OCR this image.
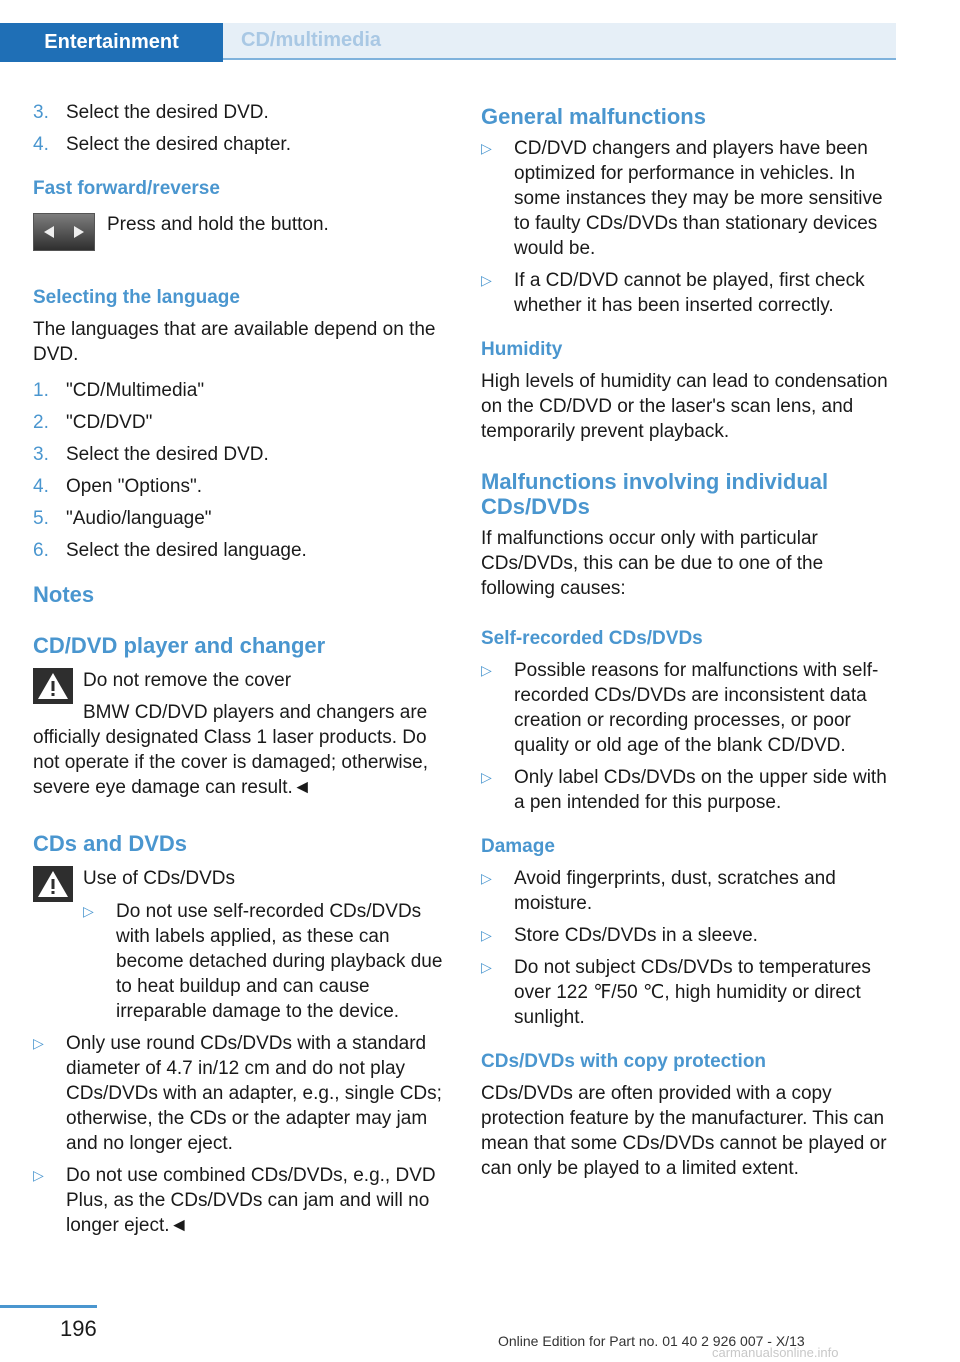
Entertainment	CD/multimedia
3. Select the desired DVD.
4. Select the desired chapter.
Fast forward/reverse
Press and hold the button.
Selecting the language

The languages that are available depend on the DVD.

1. "CD/Multimedia"
2. "CD/DVD"
3. Select the desired DVD.
4. Open "Options".
5. "Audio/language"
6. Select the desired language.
Notes
CD/DVD player and changer

Do not remove the cover

BMW CD/DVD players and changers are

officially designated Class 1 laser products. Do not operate if the cover is damaged; otherwise, severe eye damage can result.◄

CDs and DVDs

Use of CDs/DVDs

▷ Do not use self-recorded CDs/DVDs with labels applied, as these can become detached during playback due to heat buildup and can cause irreparable damage to the device.
▷ Only use round CDs/DVDs with a standard diameter of 4.7 in/12 cm and do not play CDs/DVDs with an adapter, e.g., single CDs; otherwise, the CDs or the adapter may jam and no longer eject.
▷ Do not use combined CDs/DVDs, e.g., DVD Plus, as the CDs/DVDs can jam and will no longer eject.◄
General malfunctions
▷ CD/DVD changers and players have been optimized for performance in vehicles. In some instances they may be more sensitive to faulty CDs/DVDs than stationary devices would be.
▷ If a CD/DVD cannot be played, first check whether it has been inserted correctly.
Humidity

High levels of humidity can lead to condensation on the CD/DVD or the laser's scan lens, and temporarily prevent playback.

Malfunctions involving individual CDs/DVDs

If malfunctions occur only with particular CDs/DVDs, this can be due to one of the following causes:

Self-recorded CDs/DVDs
▷ Possible reasons for malfunctions with self-recorded CDs/DVDs are inconsistent data creation or recording processes, or poor quality or old age of the blank CD/DVD.
▷ Only label CDs/DVDs on the upper side with a pen intended for this purpose.
Damage
▷ Avoid fingerprints, dust, scratches and moisture.
▷ Store CDs/DVDs in a sleeve.
▷ Do not subject CDs/DVDs to temperatures over 122 ℉/50 ℃, high humidity or direct sunlight.
CDs/DVDs with copy protection

CDs/DVDs are often provided with a copy protection feature by the manufacturer. This can mean that some CDs/DVDs cannot be played or can only be played to a limited extent.

196	Online Edition for Part no. 01 40 2 926 007 - X/13
carmanualsonline.info
